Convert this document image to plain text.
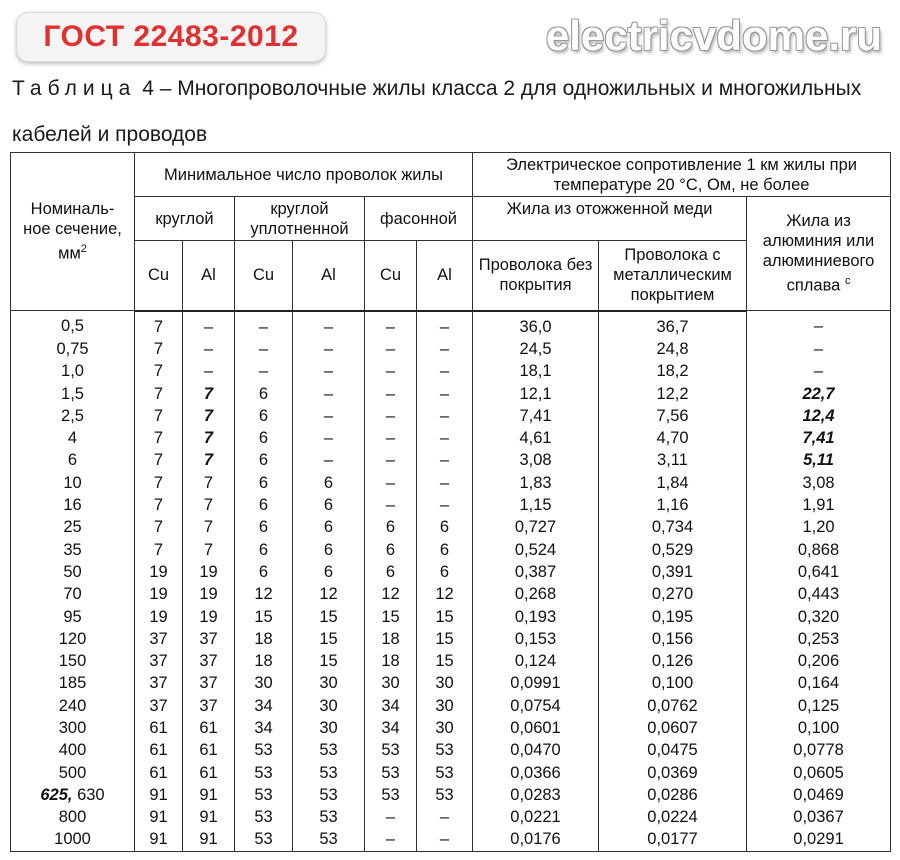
ГОСТ 22483-2012	electricvdome.ru
Таблица 4 – Многопроволочные жилы класса 2 для одножильных и многожильных кабелей и проводов
Номиналь-
ное сечение,
$мм^2$	Минимальное число проволок жилы						Электрическое сопротивление 1 км жилы при температуре 20 °С, Ом, не более		
	круглой		круглой уплотненной		фасонной		Жила из отожженной меди		Жила из алюминия или алюминиевого сплава $^с$
	Cu	Al	Cu	Al	Cu	Al	Проволока без покрытия	Проволока с металлическим покрытием	
0,5	7	–	–	–	–	–	36,0	36,7	–
0,75	7	–	–	–	–	–	24,5	24,8	–
1,0	7	–	–	–	–	–	18,1	18,2	–
1,5	7	7	6	–	–	–	12,1	12,2	22,7
2,5	7	7	6	–	–	–	7,41	7,56	12,4
4	7	7	6	–	–	–	4,61	4,70	7,41
6	7	7	6	–	–	–	3,08	3,11	5,11
10	7	7	6	6	–	–	1,83	1,84	3,08
16	7	7	6	6	–	–	1,15	1,16	1,91
25	7	7	6	6	6	6	0,727	0,734	1,20
35	7	7	6	6	6	6	0,524	0,529	0,868
50	19	19	6	6	6	6	0,387	0,391	0,641
70	19	19	12	12	12	12	0,268	0,270	0,443
95	19	19	15	15	15	15	0,193	0,195	0,320
120	37	37	18	15	18	15	0,153	0,156	0,253
150	37	37	18	15	18	15	0,124	0,126	0,206
185	37	37	30	30	30	30	0,0991	0,100	0,164
240	37	37	34	30	34	30	0,0754	0,0762	0,125
300	61	61	34	30	34	30	0,0601	0,0607	0,100
400	61	61	53	53	53	53	0,0470	0,0475	0,0778
500	61	61	53	53	53	53	0,0366	0,0369	0,0605
625, 630	91	91	53	53	53	53	0,0283	0,0286	0,0469
800	91	91	53	53	–	–	0,0221	0,0224	0,0367
1000	91	91	53	53	–	–	0,0176	0,0177	0,0291
